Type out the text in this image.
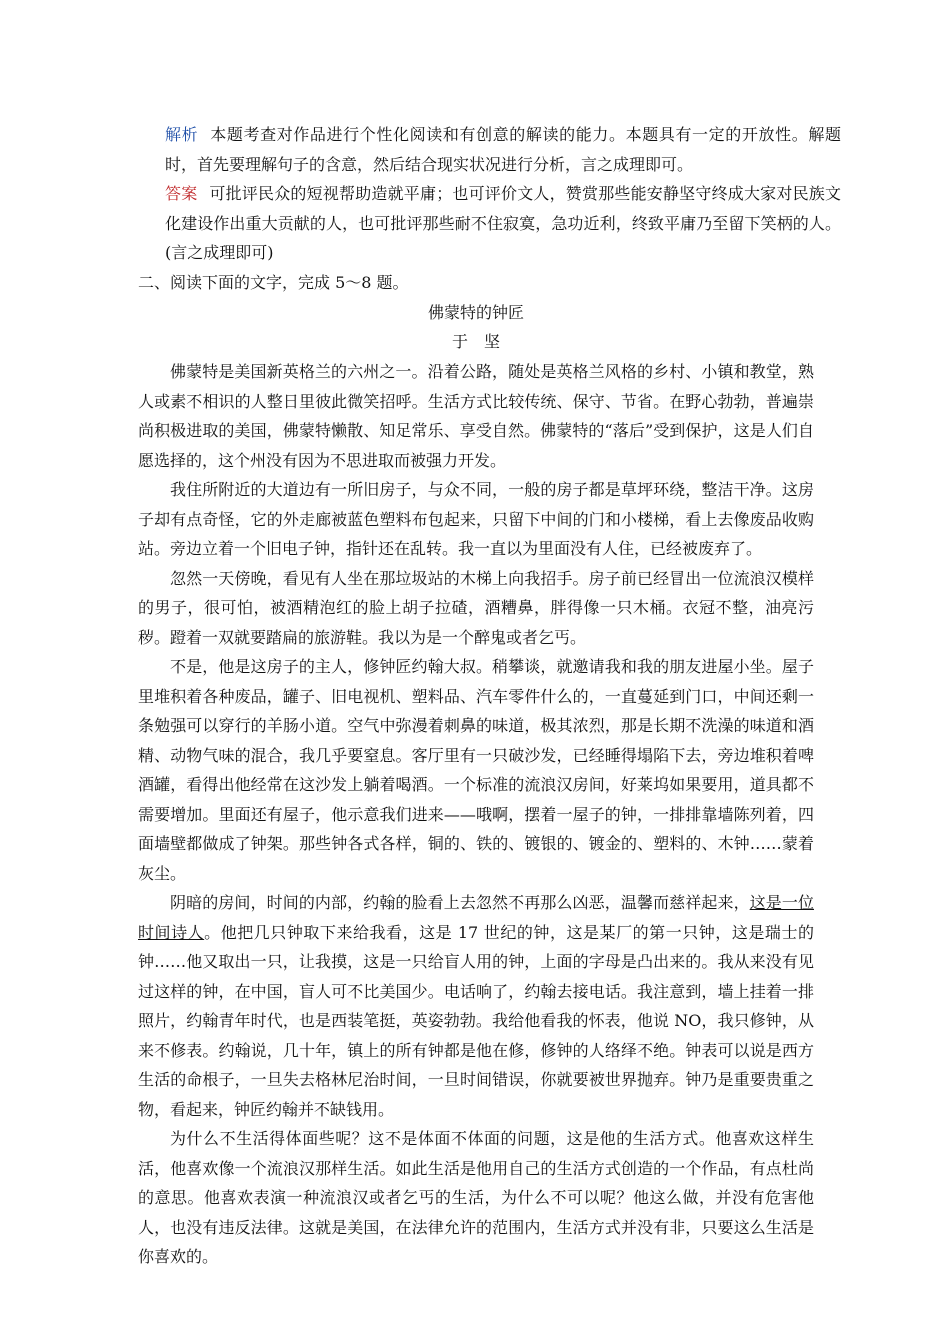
解析 本题考查对作品进行个性化阅读和有创意的解读的能力。本题具有一定的开放性。解题时，首先要理解句子的含意，然后结合现实状况进行分析，言之成理即可。
答案 可批评民众的短视帮助造就平庸；也可评价文人，赞赏那些能安静坚守终成大家对民族文化建设作出重大贡献的人，也可批评那些耐不住寂寞，急功近利，终致平庸乃至留下笑柄的人。(言之成理即可)
二、阅读下面的文字，完成 5～8 题。
佛蒙特的钟匠
于　坚

佛蒙特是美国新英格兰的六州之一。沿着公路，随处是英格兰风格的乡村、小镇和教堂，熟人或素不相识的人整日里彼此微笑招呼。生活方式比较传统、保守、节省。在野心勃勃，普遍崇尚积极进取的美国，佛蒙特懒散、知足常乐、享受自然。佛蒙特的“落后”受到保护，这是人们自愿选择的，这个州没有因为不思进取而被强力开发。

我住所附近的大道边有一所旧房子，与众不同，一般的房子都是草坪环绕，整洁干净。这房子却有点奇怪，它的外走廊被蓝色塑料布包起来，只留下中间的门和小楼梯，看上去像废品收购站。旁边立着一个旧电子钟，指针还在乱转。我一直以为里面没有人住，已经被废弃了。

忽然一天傍晚，看见有人坐在那垃圾站的木梯上向我招手。房子前已经冒出一位流浪汉模样的男子，很可怕，被酒精泡红的脸上胡子拉碴，酒糟鼻，胖得像一只木桶。衣冠不整，油亮污秽。蹬着一双就要踏扁的旅游鞋。我以为是一个醉鬼或者乞丐。

不是，他是这房子的主人，修钟匠约翰大叔。稍攀谈，就邀请我和我的朋友进屋小坐。屋子里堆积着各种废品，罐子、旧电视机、塑料品、汽车零件什么的，一直蔓延到门口，中间还剩一条勉强可以穿行的羊肠小道。空气中弥漫着刺鼻的味道，极其浓烈，那是长期不洗澡的味道和酒精、动物气味的混合，我几乎要窒息。客厅里有一只破沙发，已经睡得塌陷下去，旁边堆积着啤酒罐，看得出他经常在这沙发上躺着喝酒。一个标准的流浪汉房间，好莱坞如果要用，道具都不需要增加。里面还有屋子，他示意我们进来——哦啊，摆着一屋子的钟，一排排靠墙陈列着，四面墙壁都做成了钟架。那些钟各式各样，铜的、铁的、镀银的、镀金的、塑料的、木钟……蒙着灰尘。

阴暗的房间，时间的内部，约翰的脸看上去忽然不再那么凶恶，温馨而慈祥起来，这是一位时间诗人。他把几只钟取下来给我看，这是 17 世纪的钟，这是某厂的第一只钟，这是瑞士的钟……他又取出一只，让我摸，这是一只给盲人用的钟，上面的字母是凸出来的。我从来没有见过这样的钟，在中国，盲人可不比美国少。电话响了，约翰去接电话。我注意到，墙上挂着一排照片，约翰青年时代，也是西装笔挺，英姿勃勃。我给他看我的怀表，他说 NO，我只修钟，从来不修表。约翰说，几十年，镇上的所有钟都是他在修，修钟的人络绎不绝。钟表可以说是西方生活的命根子，一旦失去格林尼治时间，一旦时间错误，你就要被世界抛弃。钟乃是重要贵重之物，看起来，钟匠约翰并不缺钱用。

为什么不生活得体面些呢？这不是体面不体面的问题，这是他的生活方式。他喜欢这样生活，他喜欢像一个流浪汉那样生活。如此生活是他用自己的生活方式创造的一个作品，有点杜尚的意思。他喜欢表演一种流浪汉或者乞丐的生活，为什么不可以呢？他这么做，并没有危害他人，也没有违反法律。这就是美国，在法律允许的范围内，生活方式并没有非，只要这么生活是你喜欢的。
